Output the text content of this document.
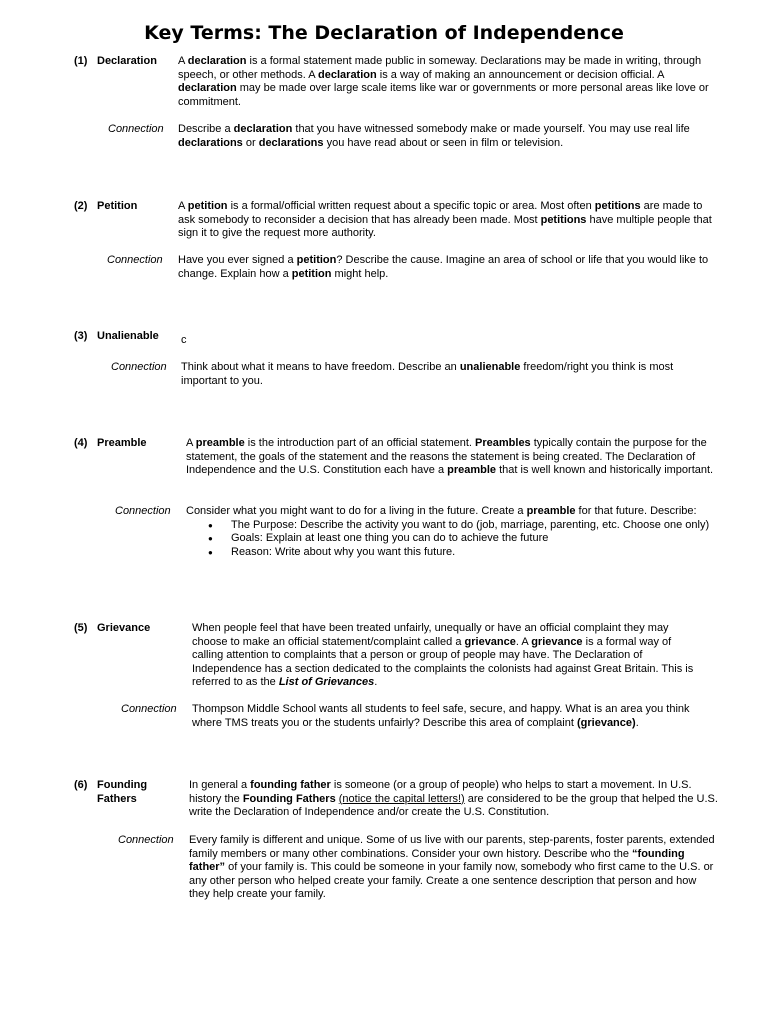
Key Terms: The Declaration of Independence
(1) Declaration	A declaration is a formal statement made public in someway. Declarations may be made in writing, through speech, or other methods. A declaration is a way of making an announcement or decision official. A declaration may be made over large scale items like war or governments or more personal areas like love or commitment.
Connection Describe a declaration that you have witnessed somebody make or made yourself. You may use real life declarations or declarations you have read about or seen in film or television.
(2) Petition	A petition is a formal/official written request about a specific topic or area. Most often petitions are made to ask somebody to reconsider a decision that has already been made. Most petitions have multiple people that sign it to give the request more authority.
Connection Have you ever signed a petition? Describe the cause. Imagine an area of school or life that you would like to change. Explain how a petition might help.
(3) Unalienable	c
Connection Think about what it means to have freedom. Describe an unalienable freedom/right you think is most important to you.
(4) Preamble	A preamble is the introduction part of an official statement. Preambles typically contain the purpose for the statement, the goals of the statement and the reasons the statement is being created. The Declaration of Independence and the U.S. Constitution each have a preamble that is well known and historically important.
Connection Consider what you might want to do for a living in the future. Create a preamble for that future. Describe:
● The Purpose: Describe the activity you want to do (job, marriage, parenting, etc. Choose one only)
● Goals: Explain at least one thing you can do to achieve the future
● Reason: Write about why you want this future.
(5) Grievance	When people feel that have been treated unfairly, unequally or have an official complaint they may choose to make an official statement/complaint called a grievance. A grievance is a formal way of calling attention to complaints that a person or group of people may have. The Declaration of Independence has a section dedicated to the complaints the colonists had against Great Britain. This is referred to as the List of Grievances.
Connection Thompson Middle School wants all students to feel safe, secure, and happy. What is an area you think where TMS treats you or the students unfairly? Describe this area of complaint (grievance).
(6) Founding Fathers
In general a founding father is someone (or a group of people) who helps to start a movement. In U.S. history the Founding Fathers (notice the capital letters!) are considered to be the group that helped the U.S. write the Declaration of Independence and/or create the U.S. Constitution.
Connection Every family is different and unique. Some of us live with our parents, step-parents, foster parents, extended family members or many other combinations. Consider your own history. Describe who the “founding father” of your family is. This could be someone in your family now, somebody who first came to the U.S. or any other person who helped create your family. Create a one sentence description that person and how they help create your family.
